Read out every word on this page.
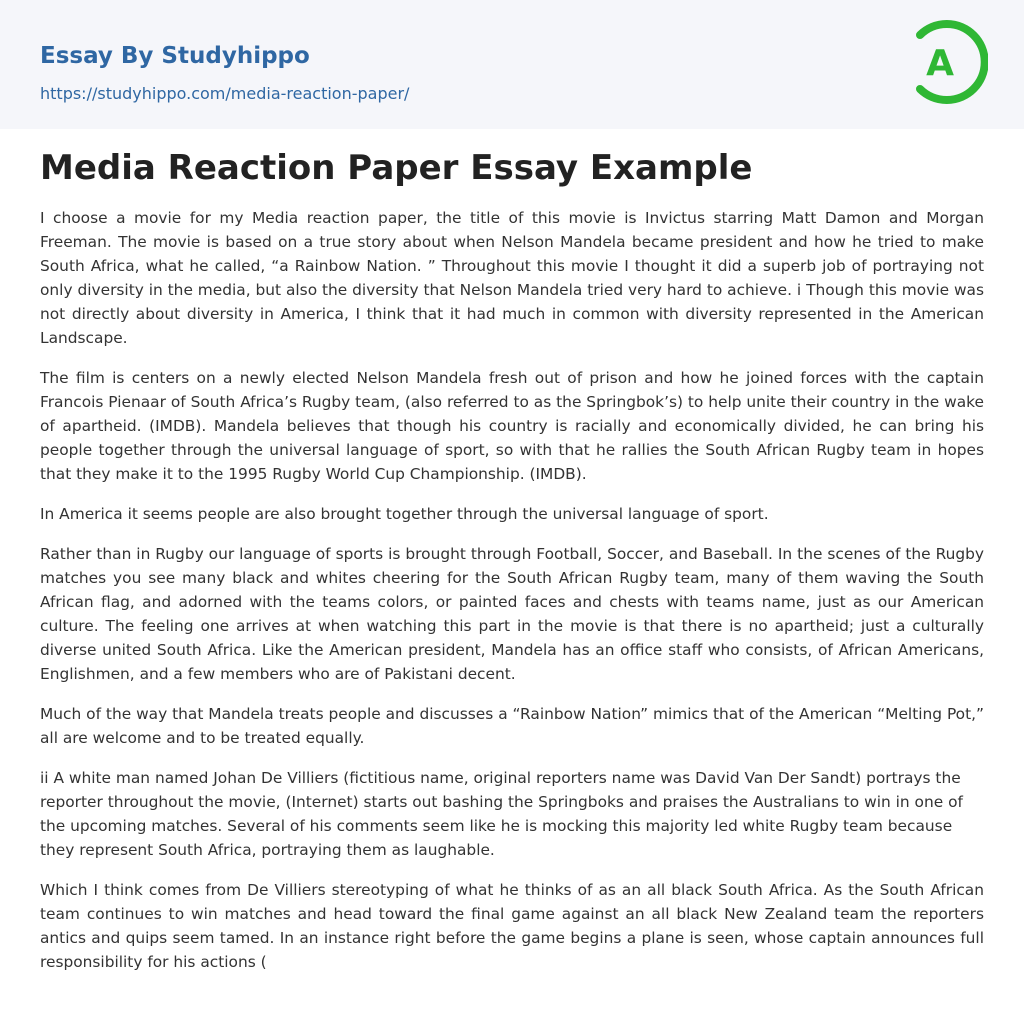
Essay By Studyhippo
https://studyhippo.com/media-reaction-paper/
A
Media Reaction Paper Essay Example

I choose a movie for my Media reaction paper, the title of this movie is Invictus starring Matt Damon and Morgan Freeman. The movie is based on a true story about when Nelson Mandela became president and how he tried to make South Africa, what he called, “a Rainbow Nation. ” Throughout this movie I thought it did a superb job of portraying not only diversity in the media, but also the diversity that Nelson Mandela tried very hard to achieve. i Though this movie was not directly about diversity in America, I think that it had much in common with diversity represented in the American Landscape.

The film is centers on a newly elected Nelson Mandela fresh out of prison and how he joined forces with the captain Francois Pienaar of South Africa’s Rugby team, (also referred to as the Springbok’s) to help unite their country in the wake of apartheid. (IMDB). Mandela believes that though his country is racially and economically divided, he can bring his people together through the universal language of sport, so with that he rallies the South African Rugby team in hopes that they make it to the 1995 Rugby World Cup Championship. (IMDB).

In America it seems people are also brought together through the universal language of sport.

Rather than in Rugby our language of sports is brought through Football, Soccer, and Baseball. In the scenes of the Rugby matches you see many black and whites cheering for the South African Rugby team, many of them waving the South African flag, and adorned with the teams colors, or painted faces and chests with teams name, just as our American culture. The feeling one arrives at when watching this part in the movie is that there is no apartheid; just a culturally diverse united South Africa. Like the American president, Mandela has an office staff who consists, of African Americans, Englishmen, and a few members who are of Pakistani decent.

Much of the way that Mandela treats people and discusses a “Rainbow Nation” mimics that of the American “Melting Pot,” all are welcome and to be treated equally.

ii A white man named Johan De Villiers (fictitious name, original reporters name was David Van Der Sandt) portrays the reporter throughout the movie, (Internet) starts out bashing the Springboks and praises the Australians to win in one of the upcoming matches. Several of his comments seem like he is mocking this majority led white Rugby team because they represent South Africa, portraying them as laughable.

Which I think comes from De Villiers stereotyping of what he thinks of as an all black South Africa. As the South African team continues to win matches and head toward the final game against an all black New Zealand team the reporters antics and quips seem tamed. In an instance right before the game begins a plane is seen, whose captain announces full responsibility for his actions (
